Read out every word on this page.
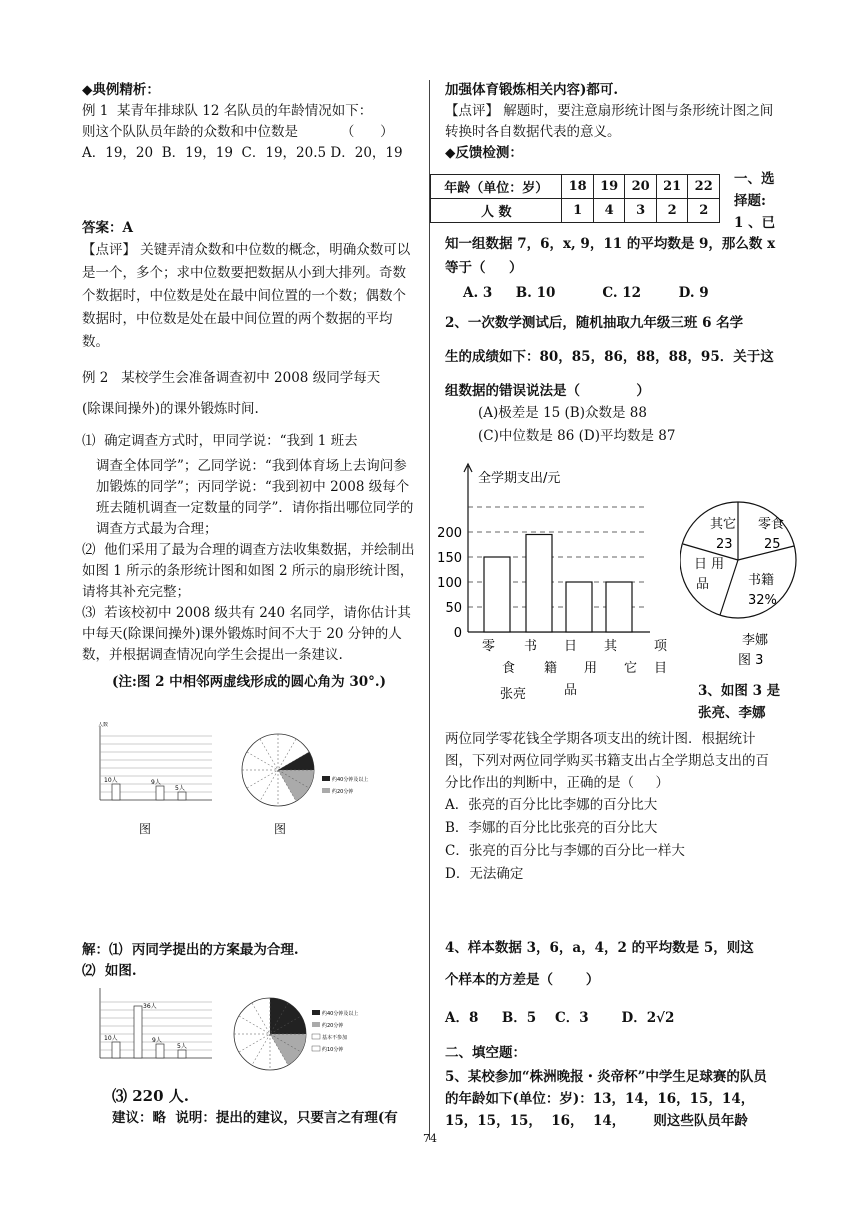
◆典例精析：

例 1  某青年排球队 12 名队员的年龄情况如下：

则这个队队员年龄的众数和中位数是          （      ）

A．19，20  B．19，19  C．19，20.5 D．20，19

答案：A

【点评】 关键弄清众数和中位数的概念，明确众数可以是一个，多个；求中位数要把数据从小到大排列。奇数个数据时，中位数是处在最中间位置的一个数；偶数个数据时，中位数是处在最中间位置的两个数据的平均数。

例 2   某校学生会准备调查初中 2008 级同学每天

(除课间操外)的课外锻炼时间.

⑴  确定调查方式时，甲同学说：“我到 1 班去

调查全体同学”；乙同学说：“我到体育场上去询问参加锻炼的同学”；丙同学说：“我到初中 2008 级每个班去随机调查一定数量的同学”．请你指出哪位同学的调查方式最为合理；

⑵  他们采用了最为合理的调查方法收集数据，并绘制出如图 1 所示的条形统计图和如图 2 所示的扇形统计图，请将其补充完整；

⑶  若该校初中 2008 级共有 240 名同学，请你估计其中每天(除课间操外)课外锻炼时间不大于 20 分钟的人数，并根据调查情况向学生会提出一条建议.

(注:图 2 中相邻两虚线形成的圆心角为 30°.)

10人	9人
5人
人数
图
约40分钟及以上
约20分钟
图

解：⑴  丙同学提出的方案最为合理.

⑵  如图.

10人
36人
9人
5人
约40分钟及以上
约20分钟
基本不参加
约10分钟

⑶ 220 人.

建议：略  说明：提出的建议，只要言之有理(有

加强体育锻炼相关内容)都可.

【点评】 解题时，要注意扇形统计图与条形统计图之间转换时各自数据代表的意义。

◆反馈检测：

年龄（单位：岁）	18	19	20	21	22
人 数	1	4	3	2	2
一、选
择题:
1 、已

知一组数据 7，6，x, 9，11 的平均数是 9，那么数 x 等于（     ）

A. 3     B. 10          C. 12        D. 9

2、一次数学测试后，随机抽取九年级三班 6 名学

生的成绩如下：80，85，86，88，88，95．关于这

组数据的错误说法是（            ）

(A)极差是 15 (B)众数是 88
(C)中位数是 86 (D)平均数是 87
0
50
100
150
200
全学期支出/元
零
食
书
籍
日
用
品
其
它
项
目
张亮
其它
23
零食
25
日 用
品	书籍
32%
李娜
图 3
3、如图 3 是
张亮、李娜

两位同学零花钱全学期各项支出的统计图．根据统计图，下列对两位同学购买书籍支出占全学期总支出的百分比作出的判断中，正确的是（     ）

A．张亮的百分比比李娜的百分比大

B．李娜的百分比比张亮的百分比大

C．张亮的百分比与李娜的百分比一样大

D．无法确定

4、样本数据 3，6，a，4，2 的平均数是 5，则这

个样本的方差是（       ）

A．8     B．5    C．3       D．2√2

二、填空题：

5、某校参加“株洲晚报・炎帝杯”中学生足球赛的队员的年龄如下(单位：岁)：13，14，16，15，14，15，15，15，  16，  14，      则这些队员年龄

74
